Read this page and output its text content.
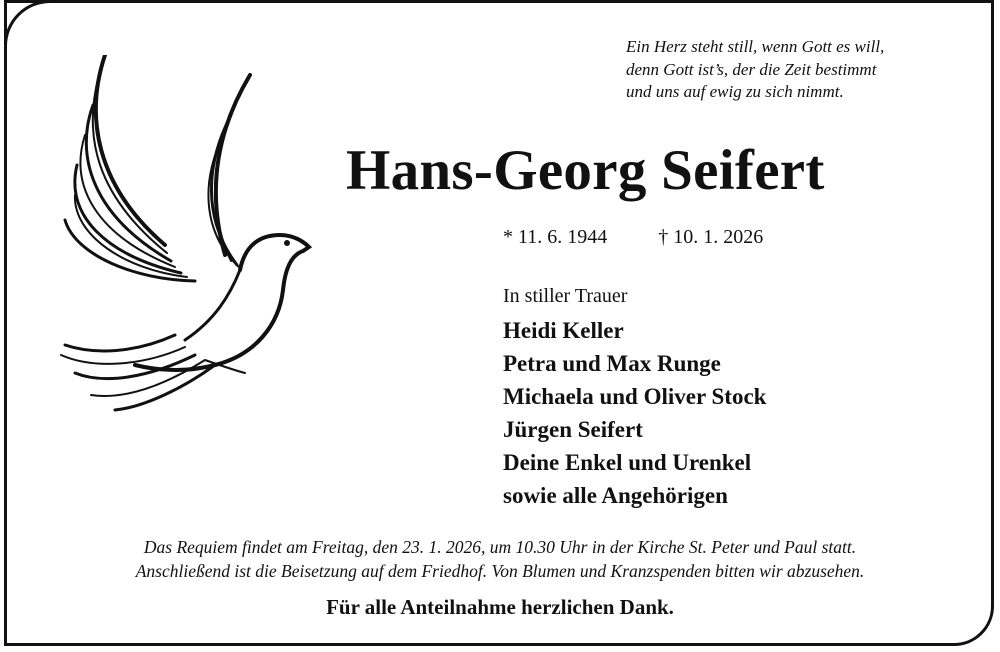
Ein Herz steht still, wenn Gott es will,
denn Gott ist’s, der die Zeit bestimmt
und uns auf ewig zu sich nimmt.
Hans-Georg Seifert
* 11. 6. 1944	† 10. 1. 2026
In stiller Trauer
Heidi Keller
Petra und Max Runge
Michaela und Oliver Stock
Jürgen Seifert
Deine Enkel und Urenkel
sowie alle Angehörigen
Das Requiem findet am Freitag, den 23. 1. 2026, um 10.30 Uhr in der Kirche St. Peter und Paul statt.
Anschließend ist die Beisetzung auf dem Friedhof. Von Blumen und Kranzspenden bitten wir abzusehen.
Für alle Anteilnahme herzlichen Dank.
